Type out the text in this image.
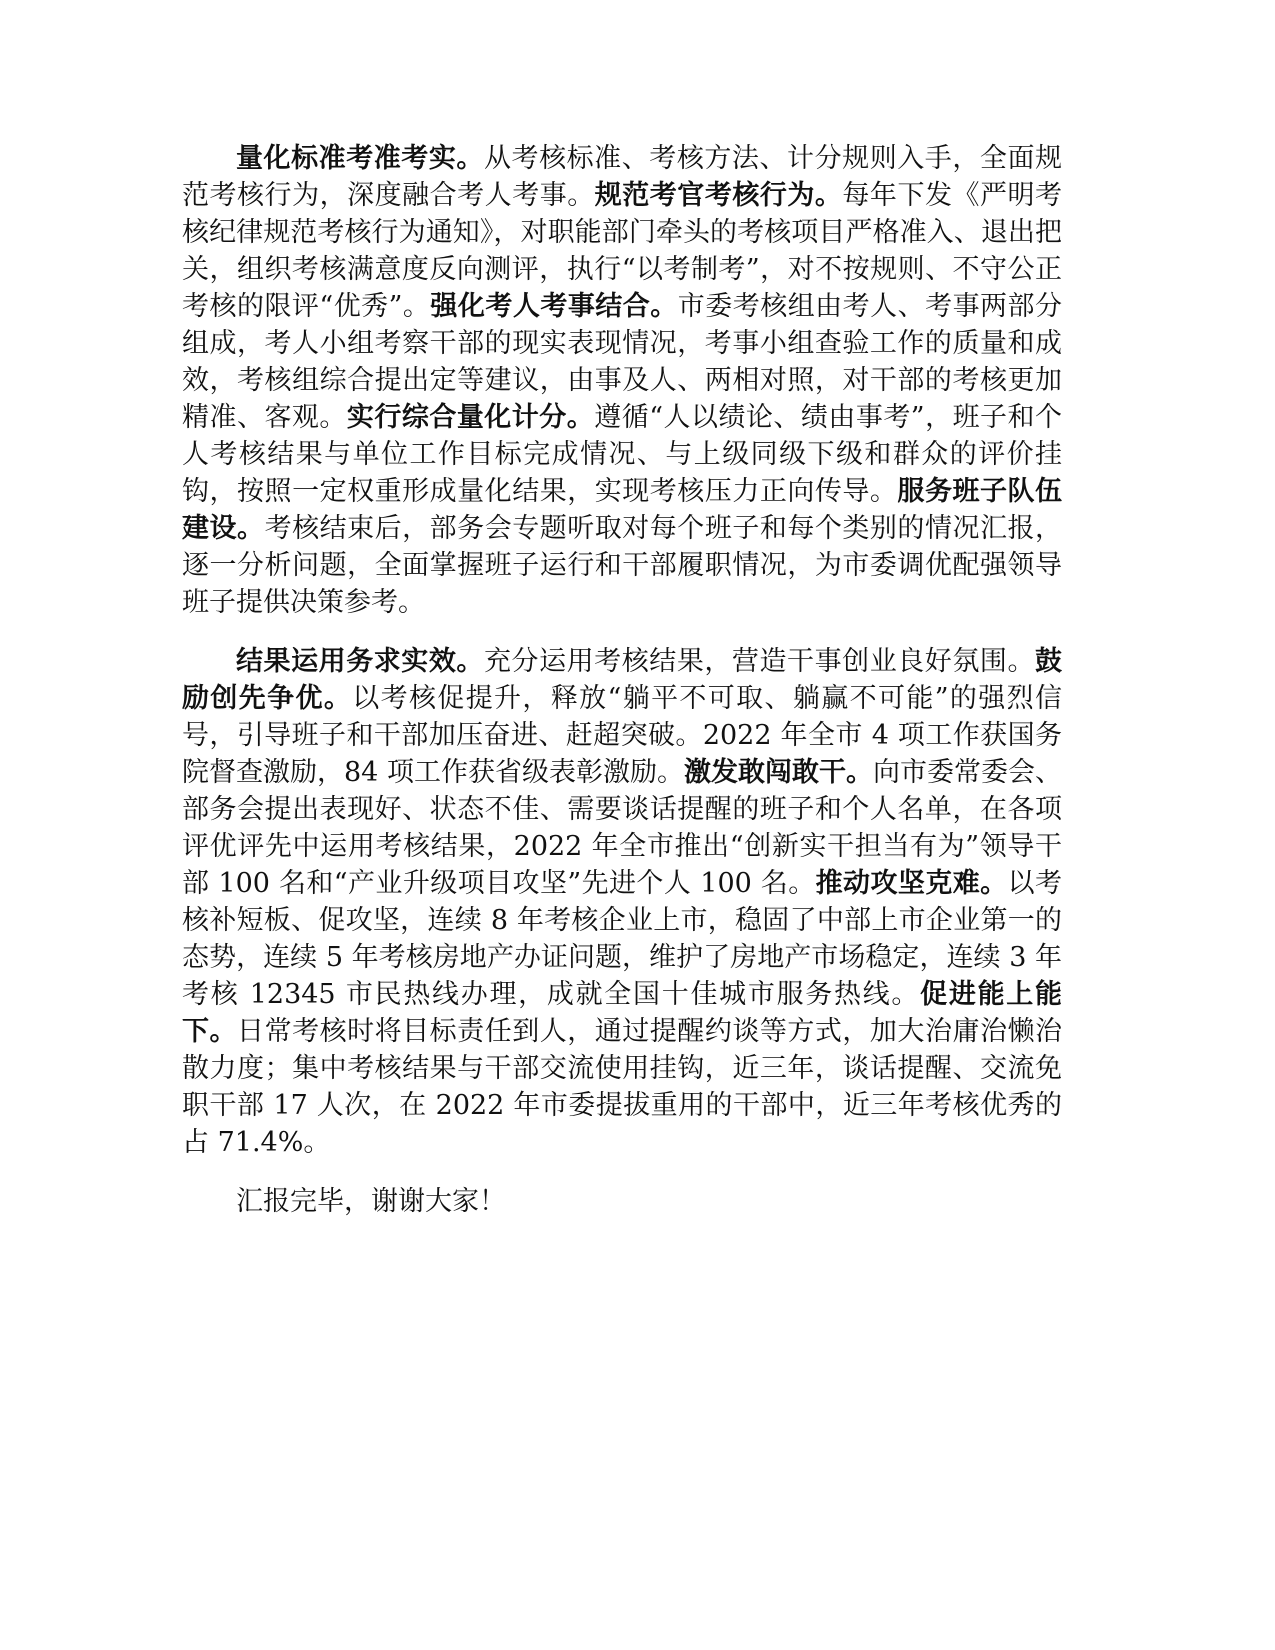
量化标准考准考实。从考核标准、考核方法、计分规则入手，全面规范考核行为，深度融合考人考事。规范考官考核行为。每年下发《严明考核纪律规范考核行为通知》，对职能部门牵头的考核项目严格准入、退出把关，组织考核满意度反向测评，执行“以考制考”，对不按规则、不守公正考核的限评“优秀”。强化考人考事结合。市委考核组由考人、考事两部分组成，考人小组考察干部的现实表现情况，考事小组查验工作的质量和成效，考核组综合提出定等建议，由事及人、两相对照，对干部的考核更加精准、客观。实行综合量化计分。遵循“人以绩论、绩由事考”，班子和个人考核结果与单位工作目标完成情况、与上级同级下级和群众的评价挂钩，按照一定权重形成量化结果，实现考核压力正向传导。服务班子队伍建设。考核结束后，部务会专题听取对每个班子和每个类别的情况汇报，逐一分析问题，全面掌握班子运行和干部履职情况，为市委调优配强领导班子提供决策参考。

结果运用务求实效。充分运用考核结果，营造干事创业良好氛围。鼓励创先争优。以考核促提升，释放“躺平不可取、躺赢不可能”的强烈信号，引导班子和干部加压奋进、赶超突破。2022 年全市 4 项工作获国务院督查激励，84 项工作获省级表彰激励。激发敢闯敢干。向市委常委会、部务会提出表现好、状态不佳、需要谈话提醒的班子和个人名单，在各项评优评先中运用考核结果，2022 年全市推出“创新实干担当有为”领导干部 100 名和“产业升级项目攻坚”先进个人 100 名。推动攻坚克难。以考核补短板、促攻坚，连续 8 年考核企业上市，稳固了中部上市企业第一的态势，连续 5 年考核房地产办证问题，维护了房地产市场稳定，连续 3 年考核 12345 市民热线办理，成就全国十佳城市服务热线。促进能上能下。日常考核时将目标责任到人，通过提醒约谈等方式，加大治庸治懒治散力度；集中考核结果与干部交流使用挂钩，近三年，谈话提醒、交流免职干部 17 人次，在 2022 年市委提拔重用的干部中，近三年考核优秀的占 71.4%。

汇报完毕，谢谢大家！
